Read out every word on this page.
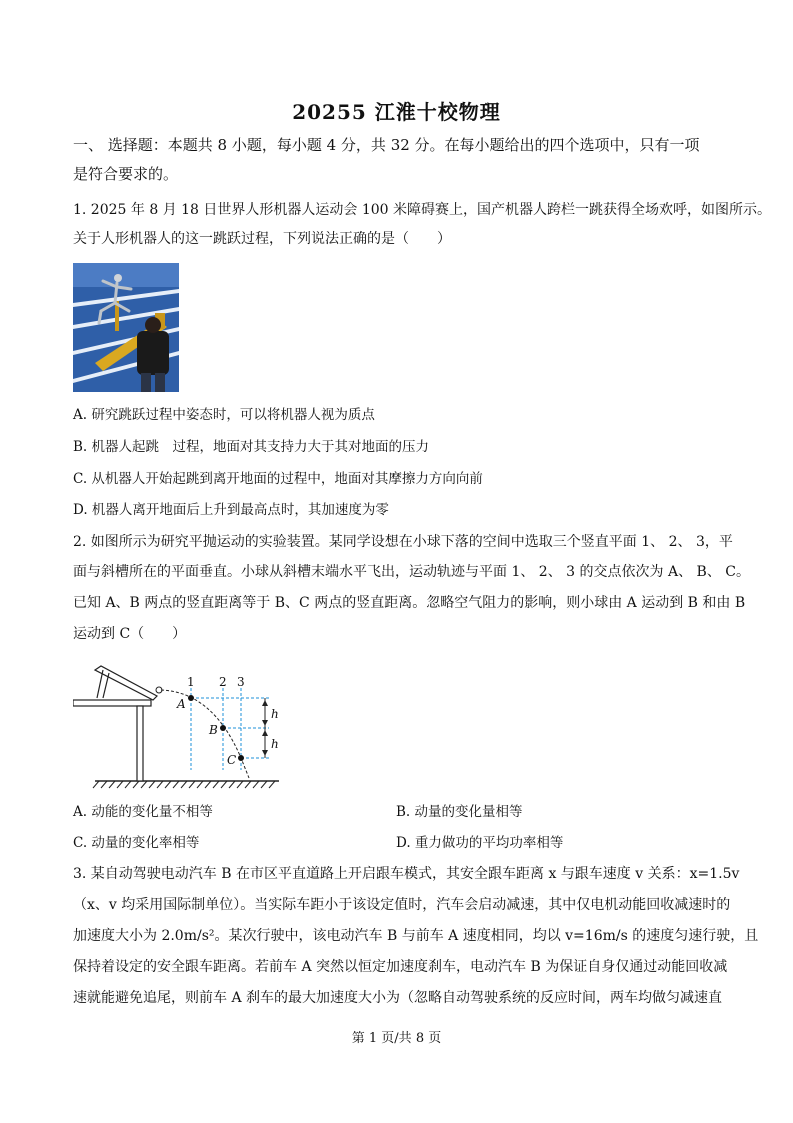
20255 江淮十校物理
一、 选择题：本题共 8 小题，每小题 4 分，共 32 分。在每小题给出的四个选项中，只有一项
是符合要求的。
1. 2025 年 8 月 18 日世界人形机器人运动会 100 米障碍赛上，国产机器人跨栏一跳获得全场欢呼，如图所示。
关于人形机器人的这一跳跃过程，下列说法正确的是（　　）
A. 研究跳跃过程中姿态时，可以将机器人视为质点
B. 机器人起跳　过程，地面对其支持力大于其对地面的压力
C. 从机器人开始起跳到离开地面的过程中，地面对其摩擦力方向向前
D. 机器人离开地面后上升到最高点时，其加速度为零
2. 如图所示为研究平抛运动的实验装置。某同学设想在小球下落的空间中选取三个竖直平面 1、 2、 3，平
面与斜槽所在的平面垂直。小球从斜槽末端水平飞出，运动轨迹与平面 1、 2、 3 的交点依次为 A、 B、 C。
已知 A、B 两点的竖直距离等于 B、C 两点的竖直距离。忽略空气阻力的影响，则小球由 A 运动到 B 和由 B
运动到 C（　　）
1 2 3
A
B
C
h
h
A. 动能的变化量不相等	B. 动量的变化量相等
C. 动量的变化率相等	D. 重力做功的平均功率相等
3. 某自动驾驶电动汽车 B 在市区平直道路上开启跟车模式，其安全跟车距离 x 与跟车速度 v 关系：x=1.5v
（x、v 均采用国际制单位）。当实际车距小于该设定值时，汽车会启动减速，其中仅电机动能回收减速时的
加速度大小为 2.0m/s²。某次行驶中，该电动汽车 B 与前车 A 速度相同，均以 v=16m/s 的速度匀速行驶，且
保持着设定的安全跟车距离。若前车 A 突然以恒定加速度刹车，电动汽车 B 为保证自身仅通过动能回收减
速就能避免追尾，则前车 A 刹车的最大加速度大小为（忽略自动驾驶系统的反应时间，两车均做匀减速直
第 1 页/共 8 页
